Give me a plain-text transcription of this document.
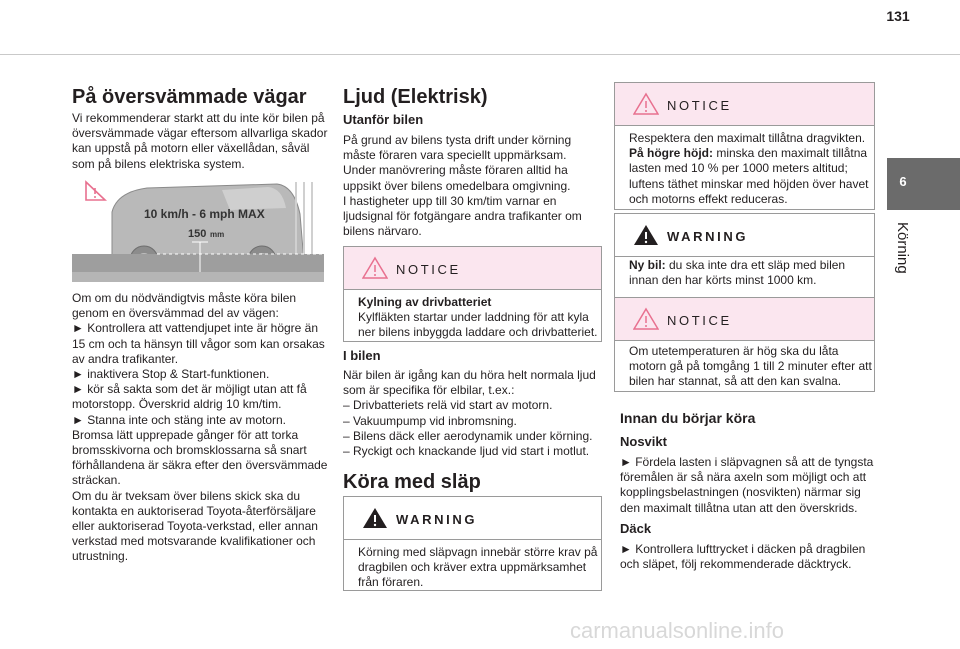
131
6
Körning
På översvämmade vägar
Vi rekommenderar starkt att du inte kör bilen på
översvämmade vägar eftersom allvarliga skador
kan uppstå på motorn eller växellådan, såväl
som på bilens elektriska system.
10 km/h - 6 mph MAX
150 mm
Om om du nödvändigtvis måste köra bilen
genom en översvämmad del av vägen:
► Kontrollera att vattendjupet inte är högre än
15 cm och ta hänsyn till vågor som kan orsakas
av andra trafikanter.
► inaktivera Stop & Start-funktionen.
► kör så sakta som det är möjligt utan att få
motorstopp. Överskrid aldrig 10 km/tim.
► Stanna inte och stäng inte av motorn.
Bromsa lätt upprepade gånger för att torka
bromsskivorna och bromsklossarna så snart
förhållandena är säkra efter den översvämmade
sträckan.
Om du är tveksam över bilens skick ska du
kontakta en auktoriserad Toyota-återförsäljare
eller auktoriserad Toyota-verkstad, eller annan
verkstad med motsvarande kvalifikationer och
utrustning.
Ljud (Elektrisk)
Utanför bilen
På grund av bilens tysta drift under körning
måste föraren vara speciellt uppmärksam.
Under manövrering måste föraren alltid ha
uppsikt över bilens omedelbara omgivning.
I hastigheter upp till 30 km/tim varnar en
ljudsignal för fotgängare andra trafikanter om
bilens närvaro.
NOTICE
Kylning av drivbatteriet
Kylfläkten startar under laddning för att kyla
ner bilens inbyggda laddare och drivbatteriet.
I bilen
När bilen är igång kan du höra helt normala ljud
som är specifika för elbilar, t.ex.:
– Drivbatteriets relä vid start av motorn.
– Vakuumpump vid inbromsning.
– Bilens däck eller aerodynamik under körning.
– Ryckigt och knackande ljud vid start i motlut.
Köra med släp
WARNING
Körning med släpvagn innebär större krav på
dragbilen och kräver extra uppmärksamhet
från föraren.
NOTICE
Respektera den maximalt tillåtna dragvikten.
På högre höjd: minska den maximalt tillåtna
lasten med 10 % per 1000 meters altitud;
luftens täthet minskar med höjden över havet
och motorns effekt reduceras.
WARNING
Ny bil: du ska inte dra ett släp med bilen
innan den har körts minst 1000 km.
NOTICE
Om utetemperaturen är hög ska du låta
motorn gå på tomgång 1 till 2 minuter efter att
bilen har stannat, så att den kan svalna.
Innan du börjar köra
Nosvikt
► Fördela lasten i släpvagnen så att de tyngsta
föremålen är så nära axeln som möjligt och att
kopplingsbelastningen (nosvikten) närmar sig
den maximalt tillåtna utan att den överskrids.
Däck
► Kontrollera lufttrycket i däcken på dragbilen
och släpet, följ rekommenderade däcktryck.
carmanualsonline.info
